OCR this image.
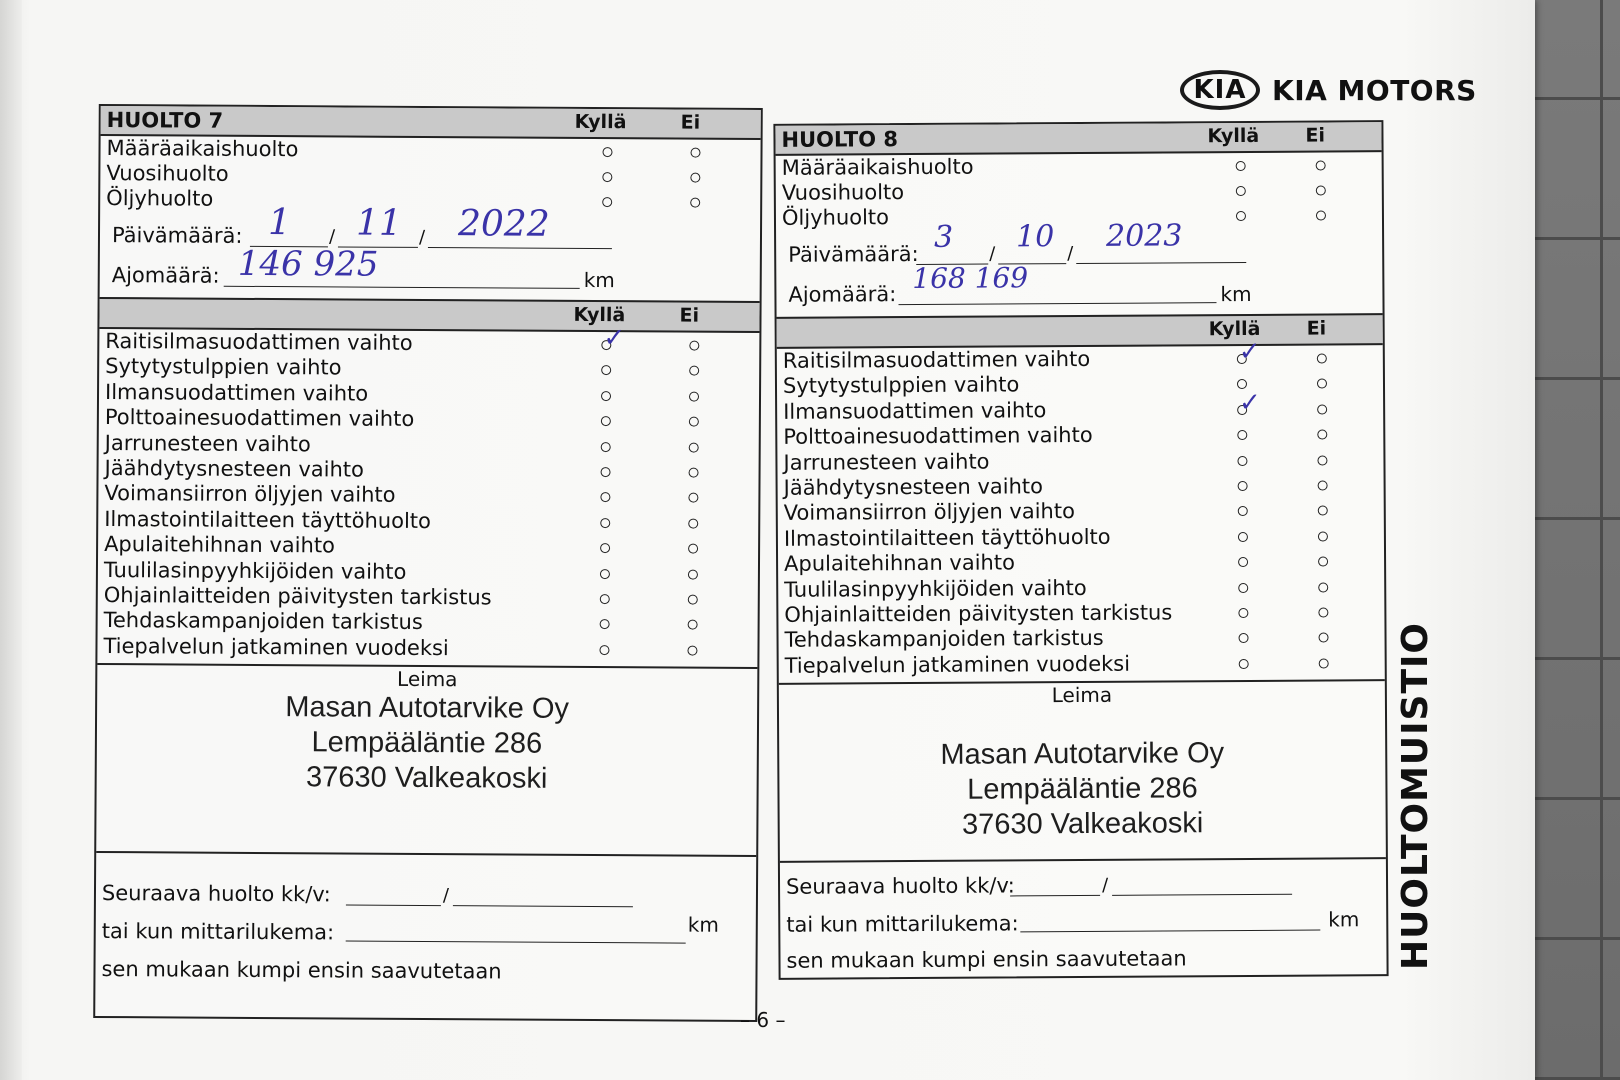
KIA KIA MOTORS
HUOLTO 7	Kyllä	Ei
Määräaikaishuolto
Vuosihuolto
Öljyhuolto
Päivämäärä:	/	/
1 11 2022
Ajomäärä: 146 925	km
Kyllä	Ei
Raitisilmasuodattimen vaihto	✓
Sytytystulppien vaihto
Ilmansuodattimen vaihto
Polttoainesuodattimen vaihto
Jarrunesteen vaihto
Jäähdytysnesteen vaihto
Voimansiirron öljyjen vaihto
Ilmastointilaitteen täyttöhuolto
Apulaitehihnan vaihto
Tuulilasinpyyhkijöiden vaihto
Ohjainlaitteiden päivitysten tarkistus
Tehdaskampanjoiden tarkistus
Tiepalvelun jatkaminen vuodeksi
Leima
Masan Autotarvike Oy
Lempääläntie 286
37630 Valkeakoski
Seuraava huolto kk/v:	/
tai kun mittarilukema:	km
sen mukaan kumpi ensin saavutetaan
HUOLTO 8	Kyllä Ei
Määräaikaishuolto
Vuosihuolto
Öljyhuolto
Päivämäärä:	/	/
3 10 2023
Ajomäärä: 168 169	km
Kyllä Ei
Raitisilmasuodattimen vaihto	✓
Sytytystulppien vaihto
Ilmansuodattimen vaihto	✓
Polttoainesuodattimen vaihto
Jarrunesteen vaihto
Jäähdytysnesteen vaihto
Voimansiirron öljyjen vaihto
Ilmastointilaitteen täyttöhuolto
Apulaitehihnan vaihto
Tuulilasinpyyhkijöiden vaihto
Ohjainlaitteiden päivitysten tarkistus
Tehdaskampanjoiden tarkistus
Tiepalvelun jatkaminen vuodeksi
Leima
Masan Autotarvike Oy
Lempääläntie 286
37630 Valkeakoski
Seuraava huolto kk/v:	/
tai kun mittarilukema:	km
sen mukaan kumpi ensin saavutetaan	HUOLTOMUISTIO
– 6 –
